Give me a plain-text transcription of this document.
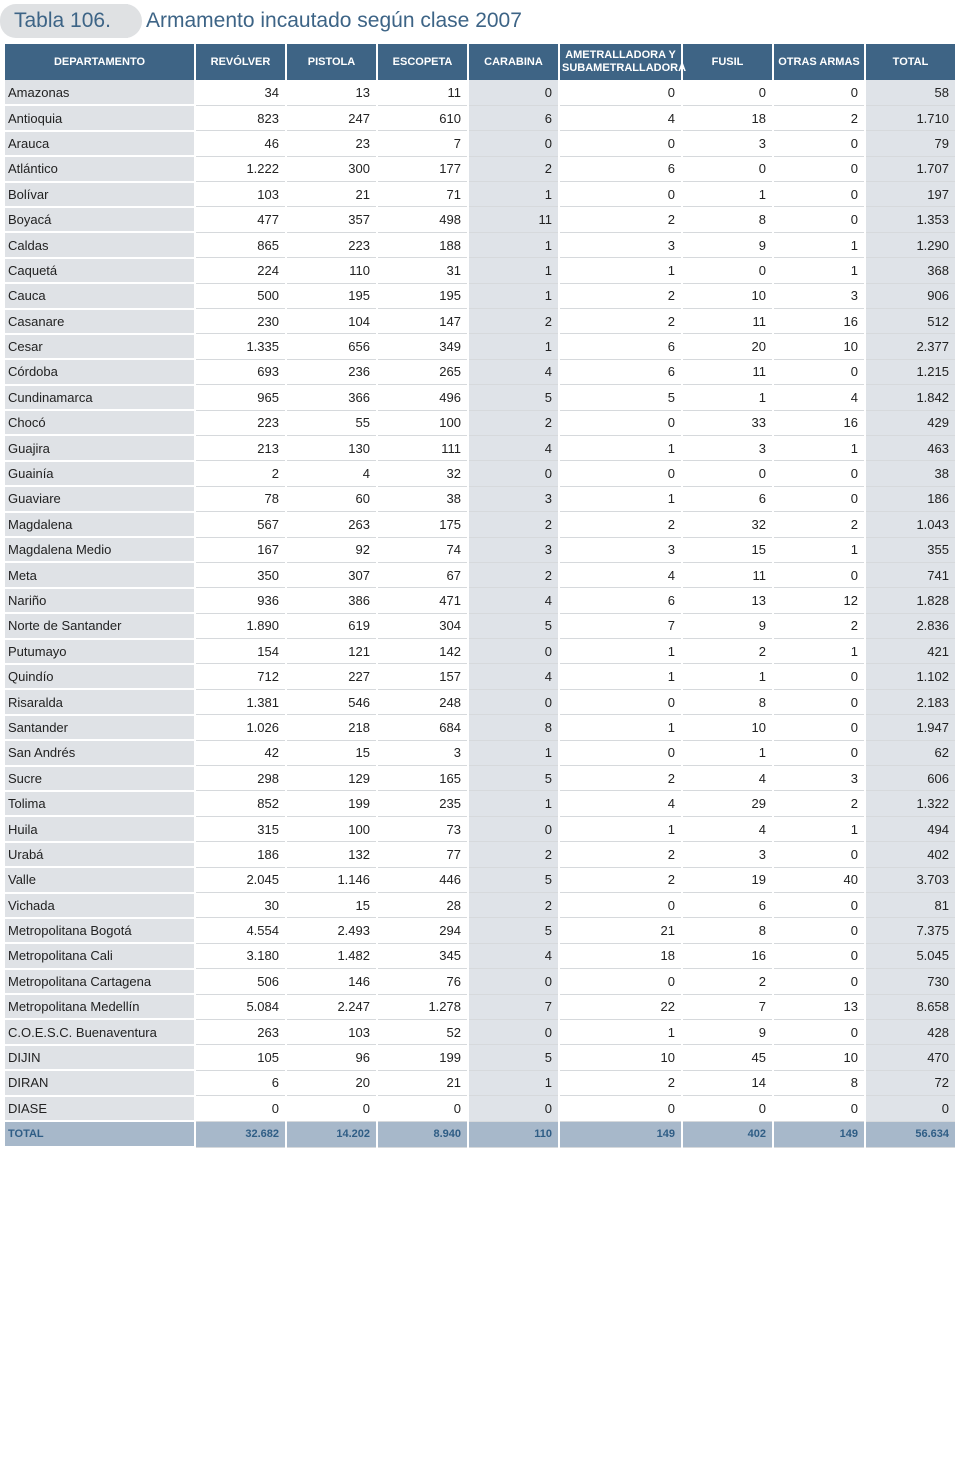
Tabla 106.	Armamento incautado según clase 2007
DEPARTAMENTO	REVÓLVER	PISTOLA	ESCOPETA	CARABINA	AMETRALLADORA Y SUBAMETRALLADORA	FUSIL	OTRAS ARMAS	TOTAL
Amazonas	34	13	11	0	0	0	0	58
Antioquia	823	247	610	6	4	18	2	1.710
Arauca	46	23	7	0	0	3	0	79
Atlántico	1.222	300	177	2	6	0	0	1.707
Bolívar	103	21	71	1	0	1	0	197
Boyacá	477	357	498	11	2	8	0	1.353
Caldas	865	223	188	1	3	9	1	1.290
Caquetá	224	110	31	1	1	0	1	368
Cauca	500	195	195	1	2	10	3	906
Casanare	230	104	147	2	2	11	16	512
Cesar	1.335	656	349	1	6	20	10	2.377
Córdoba	693	236	265	4	6	11	0	1.215
Cundinamarca	965	366	496	5	5	1	4	1.842
Chocó	223	55	100	2	0	33	16	429
Guajira	213	130	111	4	1	3	1	463
Guainía	2	4	32	0	0	0	0	38
Guaviare	78	60	38	3	1	6	0	186
Magdalena	567	263	175	2	2	32	2	1.043
Magdalena Medio	167	92	74	3	3	15	1	355
Meta	350	307	67	2	4	11	0	741
Nariño	936	386	471	4	6	13	12	1.828
Norte de Santander	1.890	619	304	5	7	9	2	2.836
Putumayo	154	121	142	0	1	2	1	421
Quindío	712	227	157	4	1	1	0	1.102
Risaralda	1.381	546	248	0	0	8	0	2.183
Santander	1.026	218	684	8	1	10	0	1.947
San Andrés	42	15	3	1	0	1	0	62
Sucre	298	129	165	5	2	4	3	606
Tolima	852	199	235	1	4	29	2	1.322
Huila	315	100	73	0	1	4	1	494
Urabá	186	132	77	2	2	3	0	402
Valle	2.045	1.146	446	5	2	19	40	3.703
Vichada	30	15	28	2	0	6	0	81
Metropolitana Bogotá	4.554	2.493	294	5	21	8	0	7.375
Metropolitana Cali	3.180	1.482	345	4	18	16	0	5.045
Metropolitana Cartagena	506	146	76	0	0	2	0	730
Metropolitana Medellín	5.084	2.247	1.278	7	22	7	13	8.658
C.O.E.S.C. Buenaventura	263	103	52	0	1	9	0	428
DIJIN	105	96	199	5	10	45	10	470
DIRAN	6	20	21	1	2	14	8	72
DIASE	0	0	0	0	0	0	0	0
TOTAL	32.682	14.202	8.940	110	149	402	149	56.634
